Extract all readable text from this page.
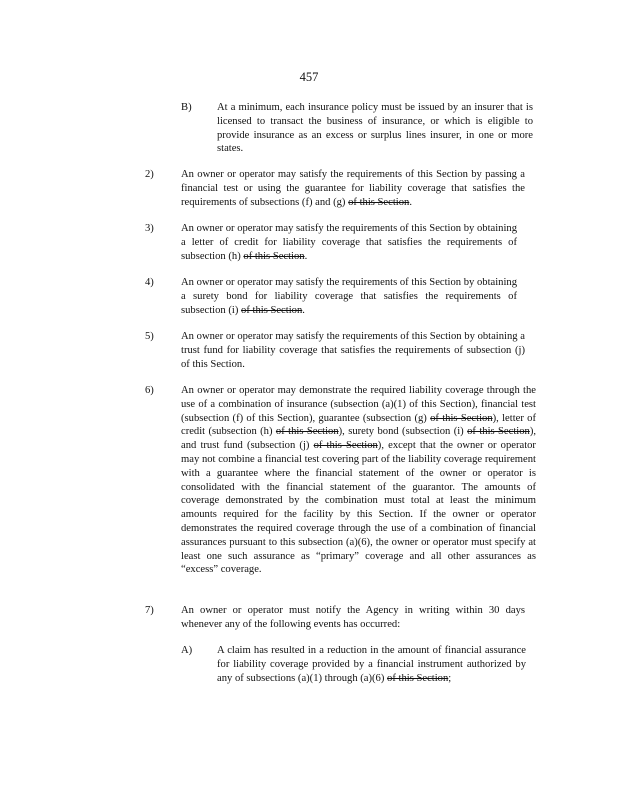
457
B) At a minimum, each insurance policy must be issued by an insurer that is licensed to transact the business of insurance, or which is eligible to provide insurance as an excess or surplus lines insurer, in one or more states.
2)	An owner or operator may satisfy the requirements of this Section by passing a financial test or using the guarantee for liability coverage that satisfies the requirements of subsections (f) and (g) of this Section.
3)	An owner or operator may satisfy the requirements of this Section by obtaining a letter of credit for liability coverage that satisfies the requirements of subsection (h) of this Section.
4)	An owner or operator may satisfy the requirements of this Section by obtaining a surety bond for liability coverage that satisfies the requirements of subsection (i) of this Section.
5)	An owner or operator may satisfy the requirements of this Section by obtaining a trust fund for liability coverage that satisfies the requirements of subsection (j) of this Section.
6)	An owner or operator may demonstrate the required liability coverage through the use of a combination of insurance (subsection (a)(1) of this Section), financial test (subsection (f) of this Section), guarantee (subsection (g) of this Section), letter of credit (subsection (h) of this Section), surety bond (subsection (i) of this Section), and trust fund (subsection (j) of this Section), except that the owner or operator may not combine a financial test covering part of the liability coverage requirement with a guarantee where the financial statement of the owner or operator is consolidated with the financial statement of the guarantor. The amounts of coverage demonstrated by the combination must total at least the minimum amounts required for the facility by this Section. If the owner or operator demonstrates the required coverage through the use of a combination of financial assurances pursuant to this subsection (a)(6), the owner or operator must specify at least one such assurance as “primary” coverage and all other assurances as “excess” coverage.
7)	An owner or operator must notify the Agency in writing within 30 days whenever any of the following events has occurred:
A) A claim has resulted in a reduction in the amount of financial assurance for liability coverage provided by a financial instrument authorized by any of subsections (a)(1) through (a)(6) of this Section;
